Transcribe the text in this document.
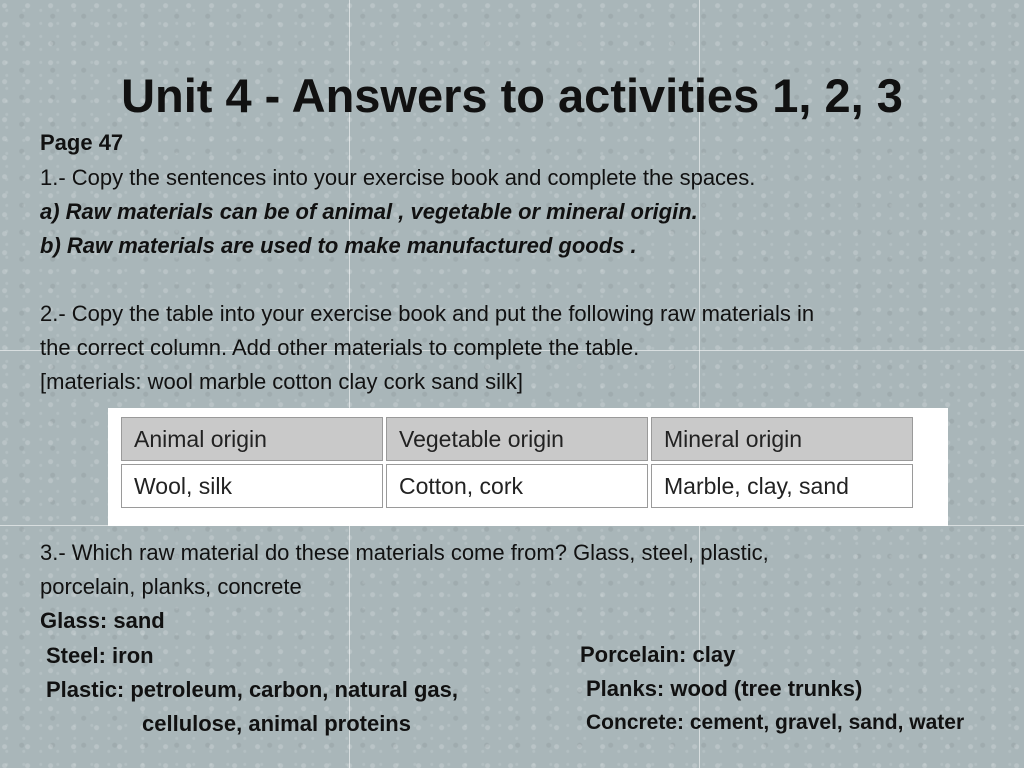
Unit 4 - Answers to activities 1, 2, 3
Page 47
1.- Copy the sentences into your exercise book and complete the spaces.
a) Raw materials can be of animal , vegetable or mineral origin.
b) Raw materials are used to make manufactured goods .
2.- Copy the table into your exercise book and put the following raw materials in
the correct column. Add other materials to complete the table.
[materials: wool marble cotton clay cork sand silk]
Animal origin	Vegetable origin	Mineral origin
Wool, silk	Cotton, cork	Marble, clay, sand
3.- Which raw material do these materials come from? Glass, steel, plastic,
porcelain, planks, concrete
Glass: sand
Steel: iron
Plastic: petroleum, carbon, natural gas,
cellulose, animal proteins
Porcelain: clay
Planks: wood (tree trunks)
Concrete: cement, gravel, sand, water
